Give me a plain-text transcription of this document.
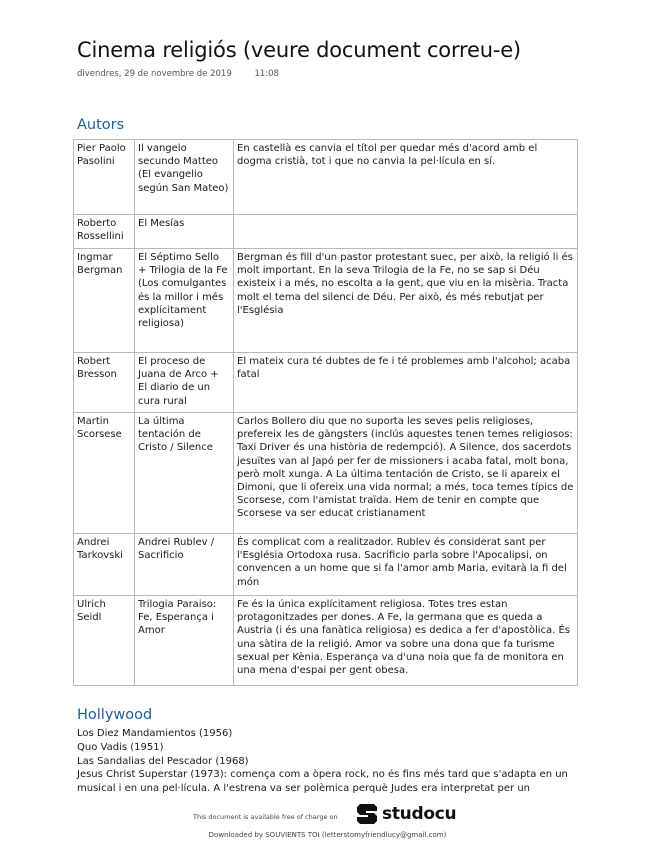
Cinema religiós (veure document correu-e)
divendres, 29 de novembre de 2019	11:08
Autors
Pier Paolo Pasolini	Il vangelo secundo Matteo (El evangelio según San Mateo)	En castellà es canvia el títol per quedar més d'acord amb el dogma cristià, tot i que no canvia la pel·lícula en sí.
Roberto Rossellini	El Mesías	
Ingmar Bergman	El Séptimo Sello + Trilogia de la Fe (Los comulgantes és la millor i més explícitament religiosa)	Bergman és fill d'un pastor protestant suec, per això, la religió li és molt important. En la seva Trilogia de la Fe, no se sap si Déu existeix i a més, no escolta a la gent, que viu en la misèria. Tracta molt el tema del silenci de Déu. Per això, és més rebutjat per l'Església
Robert Bresson	El proceso de Juana de Arco + El diario de un cura rural	El mateix cura té dubtes de fe i té problemes amb l'alcohol; acaba fatal
Martin Scorsese	La última tentación de Cristo / Silence	Carlos Bollero diu que no suporta les seves pelis religioses, prefereix les de gàngsters (inclús aquestes tenen temes religiosos: Taxi Driver és una història de redempció). A Silence, dos sacerdots jesuïtes van al Japó per fer de missioners i acaba fatal, molt bona, però molt xunga. A La última tentación de Cristo, se li apareix el Dimoni, que li ofereix una vida normal; a més, toca temes típics de Scorsese, com l'amistat traïda. Hem de tenir en compte que Scorsese va ser educat cristianament
Andrei Tarkovski	Andrei Rublev / Sacrificio	És complicat com a realitzador. Rublev és considerat sant per l'Església Ortodoxa rusa. Sacrificio parla sobre l'Apocalipsi, on convencen a un home que si fa l'amor amb Maria, evitarà la fi del món
Ulrich Seidl	Trilogia Paraiso: Fe, Esperança i Amor	Fe és la única explícitament religiosa. Totes tres estan protagonitzades per dones. A Fe, la germana que es queda a Austria (i és una fanàtica religiosa) es dedica a fer d'apostòlica. És una sàtira de la religió. Amor va sobre una dona que fa turisme sexual per Kènia. Esperança va d'una noia que fa de monitora en una mena d'espai per gent obesa.
Hollywood
Los Diez Mandamientos (1956)
Quo Vadis (1951)
Las Sandalias del Pescador (1968)
Jesus Christ Superstar (1973): comença com a òpera rock, no és fins més tard que s'adapta en un musical i en una pel·lícula. A l'estrena va ser polèmica perquè Judes era interpretat per un
This document is available free of charge on	studocu
Downloaded by SOUVIENTS TOI (letterstomyfriendlucy@gmail.com)
